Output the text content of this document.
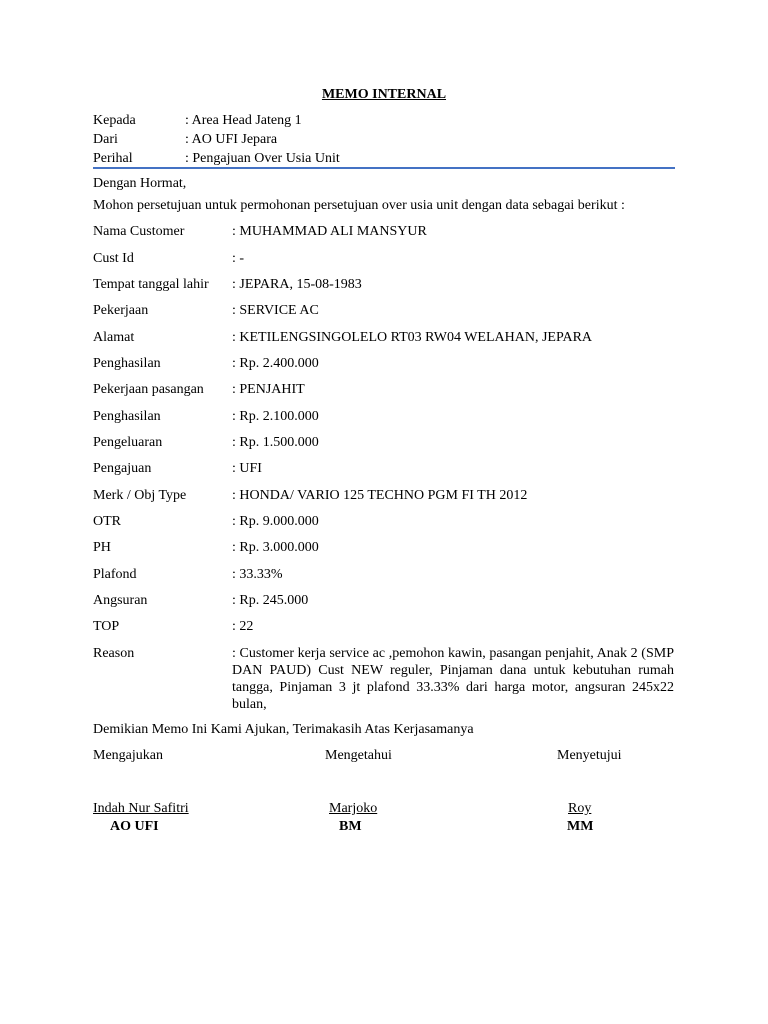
MEMO INTERNAL
Kepada	: Area Head Jateng 1
Dari	: AO UFI Jepara
Perihal	: Pengajuan Over Usia Unit
Dengan Hormat,
Mohon persetujuan untuk permohonan persetujuan over usia unit dengan data sebagai berikut :
Nama Customer	: MUHAMMAD ALI MANSYUR
Cust Id	: -
Tempat tanggal lahir	: JEPARA, 15-08-1983
Pekerjaan	: SERVICE AC
Alamat	: KETILENGSINGOLELO RT03 RW04 WELAHAN, JEPARA
Penghasilan	: Rp. 2.400.000
Pekerjaan pasangan	: PENJAHIT
Penghasilan	: Rp. 2.100.000
Pengeluaran	: Rp. 1.500.000
Pengajuan	: UFI
Merk / Obj Type	: HONDA/ VARIO 125 TECHNO PGM FI TH 2012
OTR	: Rp. 9.000.000
PH	: Rp. 3.000.000
Plafond	: 33.33%
Angsuran	: Rp. 245.000
TOP	: 22
Reason	: Customer kerja service ac ,pemohon kawin, pasangan penjahit, Anak 2 (SMP DAN PAUD) Cust NEW reguler, Pinjaman dana untuk kebutuhan rumah tangga, Pinjaman 3 jt plafond 33.33% dari harga motor, angsuran 245x22 bulan,
Demikian Memo Ini Kami Ajukan, Terimakasih Atas Kerjasamanya
Mengajukan	Mengetahui	Menyetujui
Indah Nur Safitri	Marjoko	Roy
AO UFI	BM	MM
